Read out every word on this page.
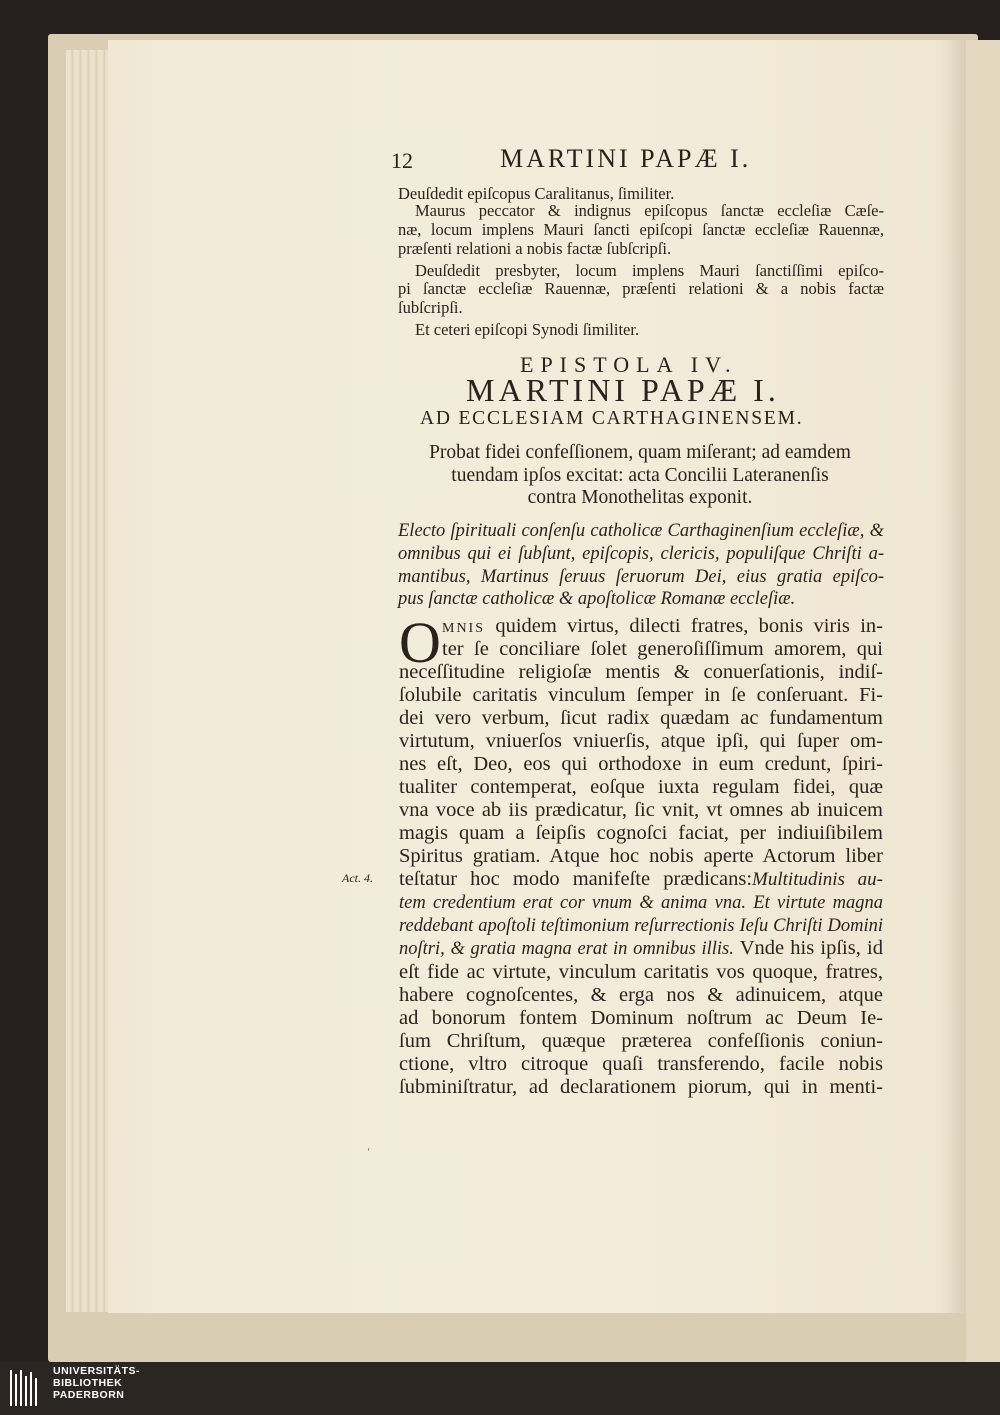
12	MARTINI PAPÆ I.
Deuſdedit epiſcopus Caralitanus, ſimiliter.
Maurus peccator & indignus epiſcopus ſanctæ eccleſiæ Cæſe-
næ, locum implens Mauri ſancti epiſcopi ſanctæ eccleſiæ Rauennæ,
præſenti relationi a nobis factæ ſubſcripſi.
Deuſdedit presbyter, locum implens Mauri ſanctiſſimi epiſco-
pi ſanctæ eccleſiæ Rauennæ, præſenti relationi & a nobis factæ
ſubſcripſi.
Et ceteri epiſcopi Synodi ſimiliter.
EPISTOLA IV.
MARTINI PAPÆ I.
AD ECCLESIAM CARTHAGINENSEM.
Probat fidei confeſſionem, quam miſerant; ad eamdem
tuendam ipſos excitat: acta Concilii Lateranenſis
contra Monothelitas exponit.
Electo ſpirituali conſenſu catholicæ Carthaginenſium eccleſiæ, &
omnibus qui ei ſubſunt, epiſcopis, clericis, populiſque Chriſti a-
mantibus, Martinus ſeruus ſeruorum Dei, eius gratia epiſco-
pus ſanctæ catholicæ & apoſtolicæ Romanæ eccleſiæ.
O MNIS quidem virtus, dilecti fratres, bonis viris in-
ter ſe conciliare ſolet generoſiſſimum amorem, qui
neceſſitudine religioſæ mentis & conuerſationis, indiſ-
ſolubile caritatis vinculum ſemper in ſe conſeruant. Fi-
dei vero verbum, ſicut radix quædam ac fundamentum
virtutum, vniuerſos vniuerſis, atque ipſi, qui ſuper om-
nes eſt, Deo, eos qui orthodoxe in eum credunt, ſpiri-
tualiter contemperat, eoſque iuxta regulam fidei, quæ
vna voce ab iis prædicatur, ſic vnit, vt omnes ab inuicem
magis quam a ſeipſis cognoſci faciat, per indiuiſibilem
Spiritus gratiam. Atque hoc nobis aperte Actorum liber
teſtatur hoc modo manifeſte prædicans:Multitudinis au-
tem credentium erat cor vnum & anima vna. Et virtute magna
reddebant apoſtoli teſtimonium reſurrectionis Ieſu Chriſti Domini
noſtri, & gratia magna erat in omnibus illis. Vnde his ipſis, id
eſt fide ac virtute, vinculum caritatis vos quoque, fratres,
habere cognoſcentes, & erga nos & adinuicem, atque
ad bonorum fontem Dominum noſtrum ac Deum Ie-
ſum Chriſtum, quæque præterea confeſſionis coniun-
ctione, vltro citroque quaſi transferendo, facile nobis
ſubminiſtratur, ad declarationem piorum, qui in menti-
Act. 4.
ʻ
UNIVERSITÄTS-
BIBLIOTHEK
PADERBORN
